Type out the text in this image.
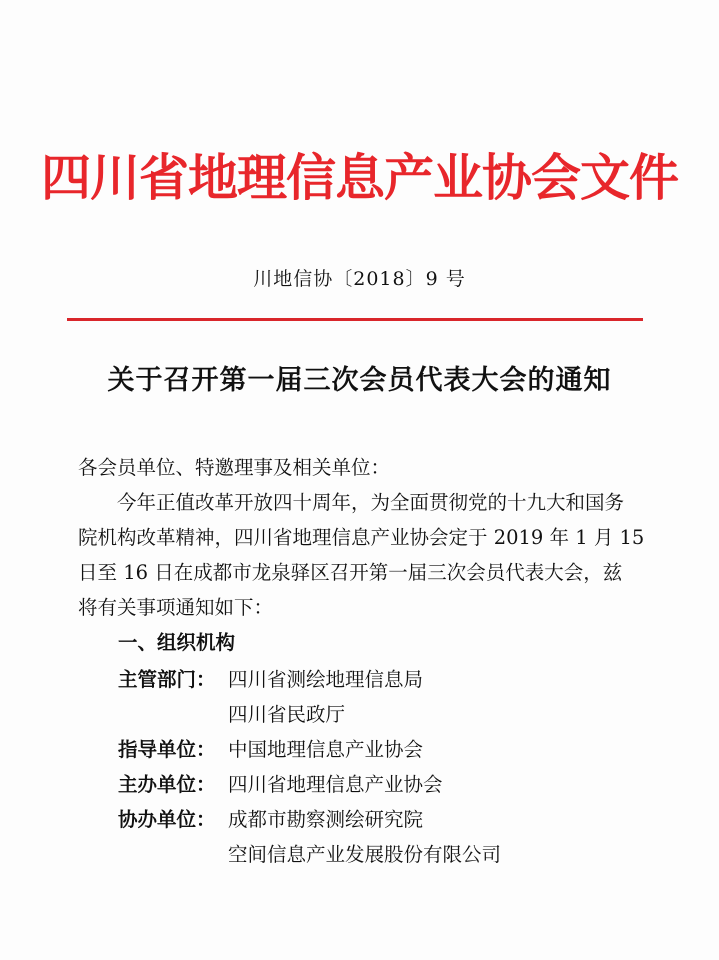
四川省地理信息产业协会文件
川地信协〔2018〕9 号
关于召开第一届三次会员代表大会的通知
各会员单位、特邀理事及相关单位：
今年正值改革开放四十周年，为全面贯彻党的十九大和国务
院机构改革精神，四川省地理信息产业协会定于 2019 年 1 月 15
日至 16 日在成都市龙泉驿区召开第一届三次会员代表大会，兹
将有关事项通知如下：
一、组织机构
主管部门： 四川省测绘地理信息局
四川省民政厅
指导单位： 中国地理信息产业协会
主办单位： 四川省地理信息产业协会
协办单位： 成都市勘察测绘研究院
空间信息产业发展股份有限公司
